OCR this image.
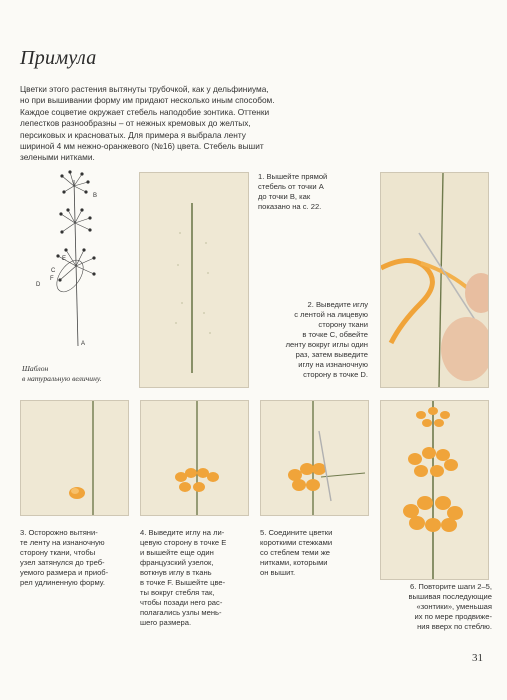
Примула

Цветки этого растения вытянуты трубочкой, как у дельфиниума,

но при вышивании форму им придают несколько иным способом.

Каждое соцветие окружает стебель наподобие зонтика. Оттенки

лепестков разнообразны – от нежных кремовых до желтых,

персиковых и красноватых. Для примера я выбрала ленту

шириной 4 мм нежно-оранжевого (№16) цвета. Стебель вышит

зелеными нитками.

B
C
D
E
F
A

Шаблон

в натуральную величину.

1. Вышейте прямой

стебель от точки А

до точки В, как

показано на с. 22.

2. Выведите иглу

с лентой на лицевую

сторону ткани

в точке С, обвейте

ленту вокруг иглы один

раз, затем выведите

иглу на изнаночную

сторону в точке D.

3. Осторожно вытяни-

те ленту на изнаночную

сторону ткани, чтобы

узел затянулся до треб-

уемого размера и приоб-

рел удлиненную форму.

4. Выведите иглу на ли-

цевую сторону в точке Е

и вышейте еще один

французский узелок,

воткнув иглу в ткань

в точке F. Вышейте цве-

ты вокруг стебля так,

чтобы позади него рас-

полагались узлы мень-

шего размера.

5. Соедините цветки

короткими стежками

со стеблем теми же

нитками, которыми

он вышит.

6. Повторите шаги 2–5,

вышивая последующие

«зонтики», уменьшая

их по мере продвиже-

ния вверх по стеблю.

31
